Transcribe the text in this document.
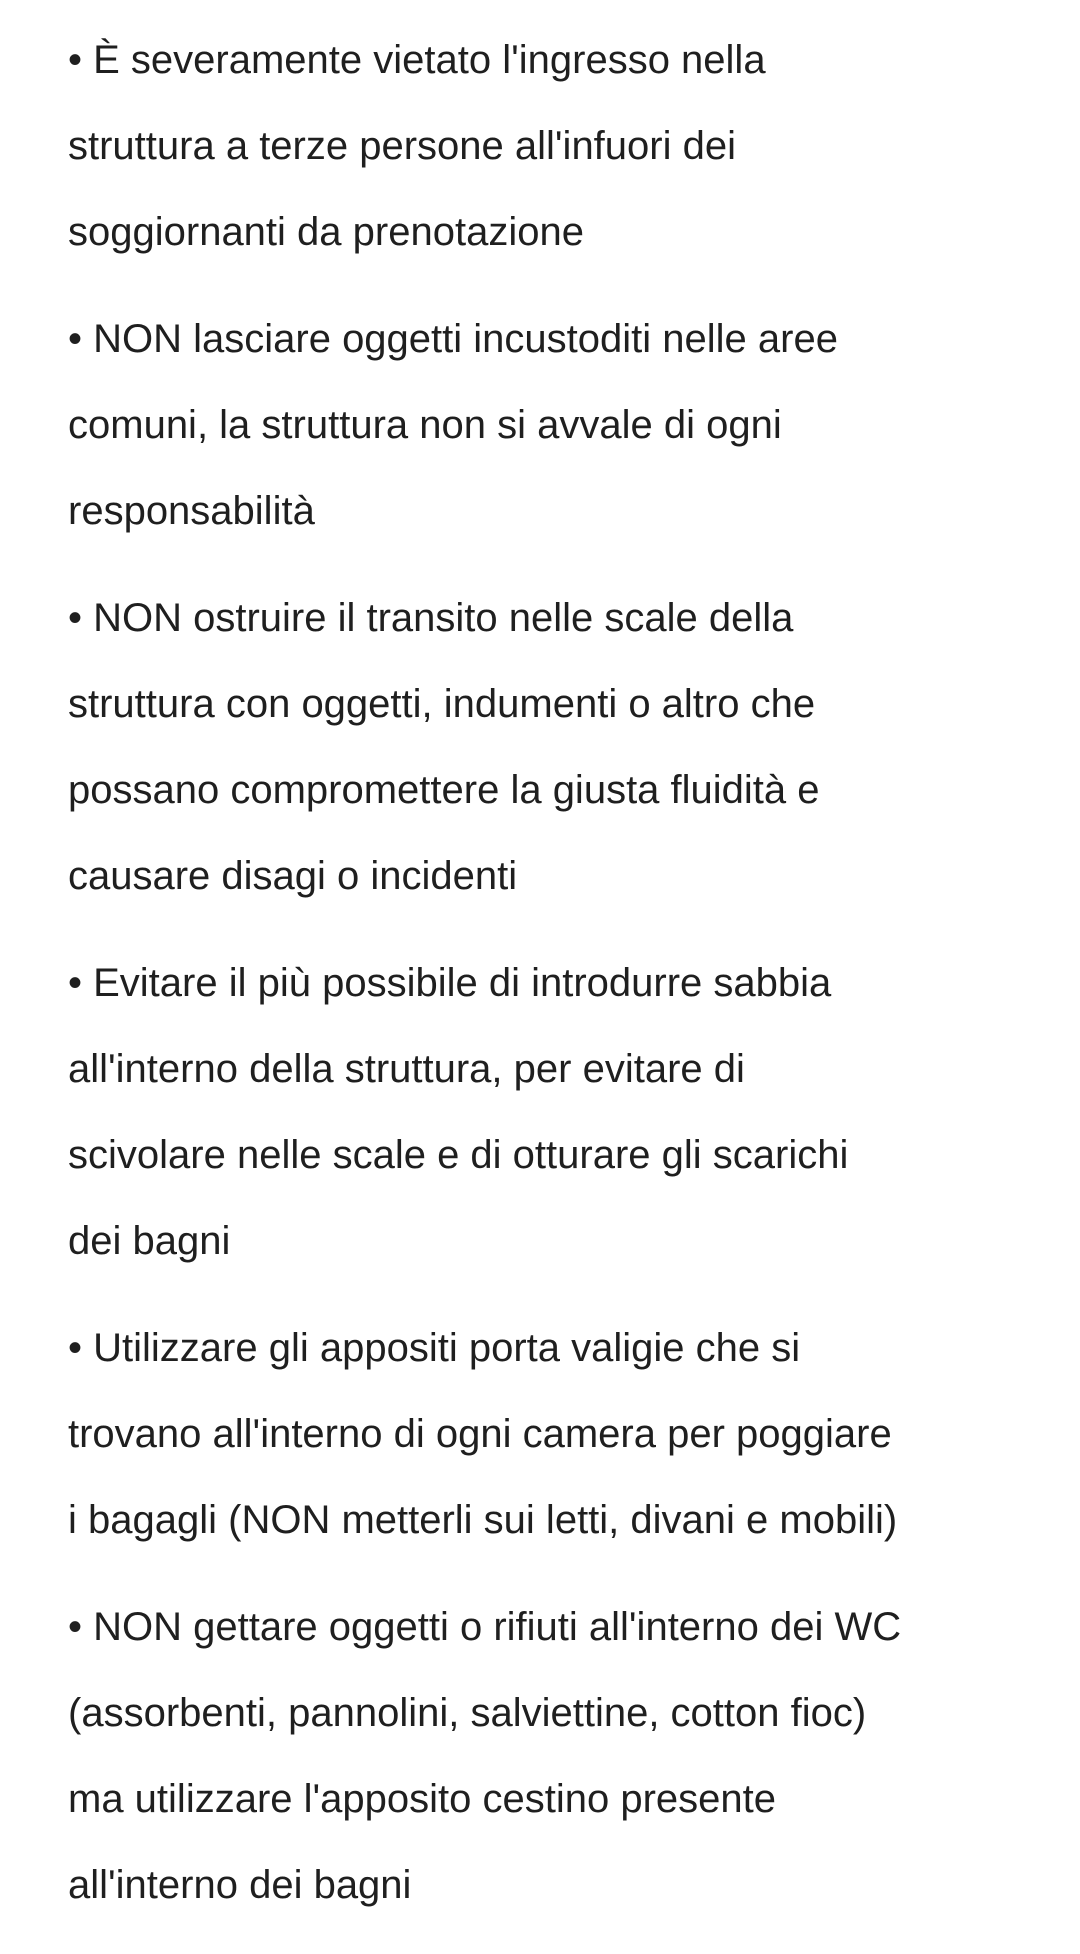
• È severamente vietato l'ingresso nella
struttura a terze persone all'infuori dei
soggiornanti da prenotazione
• NON lasciare oggetti incustoditi nelle aree
comuni, la struttura non si avvale di ogni
responsabilità
• NON ostruire il transito nelle scale della
struttura con oggetti, indumenti o altro che
possano compromettere la giusta fluidità e
causare disagi o incidenti
• Evitare il più possibile di introdurre sabbia
all'interno della struttura, per evitare di
scivolare nelle scale e di otturare gli scarichi
dei bagni
• Utilizzare gli appositi porta valigie che si
trovano all'interno di ogni camera per poggiare
i bagagli (NON metterli sui letti, divani e mobili)
• NON gettare oggetti o rifiuti all'interno dei WC
(assorbenti, pannolini, salviettine, cotton fioc)
ma utilizzare l'apposito cestino presente
all'interno dei bagni
